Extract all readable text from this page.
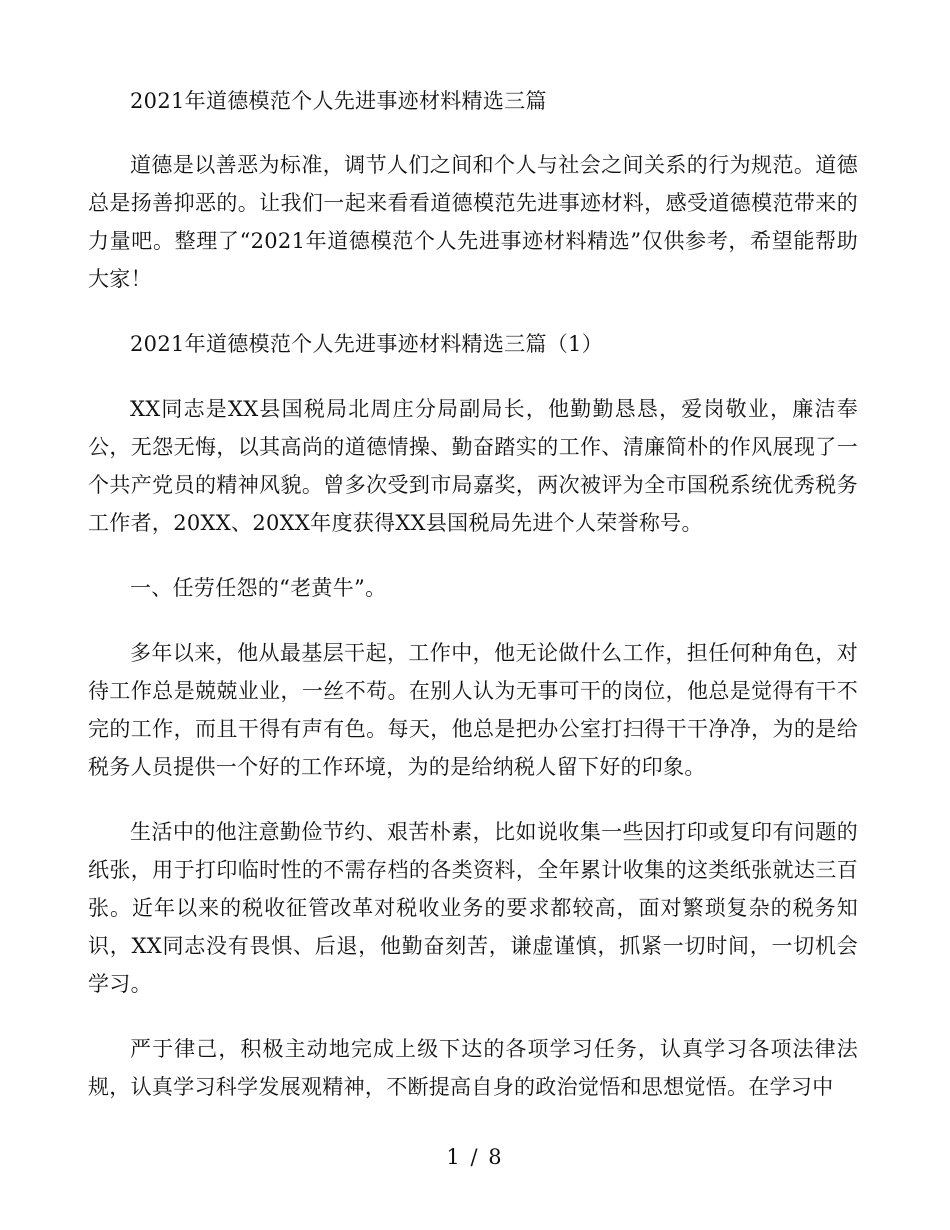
2021年道德模范个人先进事迹材料精选三篇

道德是以善恶为标准，调节人们之间和个人与社会之间关系的行为规范。道德总是扬善抑恶的。让我们一起来看看道德模范先进事迹材料，感受道德模范带来的力量吧。整理了“2021年道德模范个人先进事迹材料精选”仅供参考，希望能帮助大家！

2021年道德模范个人先进事迹材料精选三篇（1）

XX同志是XX县国税局北周庄分局副局长，他勤勤恳恳，爱岗敬业，廉洁奉公，无怨无悔，以其高尚的道德情操、勤奋踏实的工作、清廉简朴的作风展现了一个共产党员的精神风貌。曾多次受到市局嘉奖，两次被评为全市国税系统优秀税务工作者，20XX、20XX年度获得XX县国税局先进个人荣誉称号。

一、任劳任怨的“老黄牛”。

多年以来，他从最基层干起，工作中，他无论做什么工作，担任何种角色，对待工作总是兢兢业业，一丝不苟。在别人认为无事可干的岗位，他总是觉得有干不完的工作，而且干得有声有色。每天，他总是把办公室打扫得干干净净，为的是给税务人员提供一个好的工作环境，为的是给纳税人留下好的印象。

生活中的他注意勤俭节约、艰苦朴素，比如说收集一些因打印或复印有问题的纸张，用于打印临时性的不需存档的各类资料，全年累计收集的这类纸张就达三百张。近年以来的税收征管改革对税收业务的要求都较高，面对繁琐复杂的税务知识，XX同志没有畏惧、后退，他勤奋刻苦，谦虚谨慎，抓紧一切时间，一切机会学习。

严于律己，积极主动地完成上级下达的各项学习任务，认真学习各项法律法规，认真学习科学发展观精神，不断提高自身的政治觉悟和思想觉悟。在学习中

1 / 8
